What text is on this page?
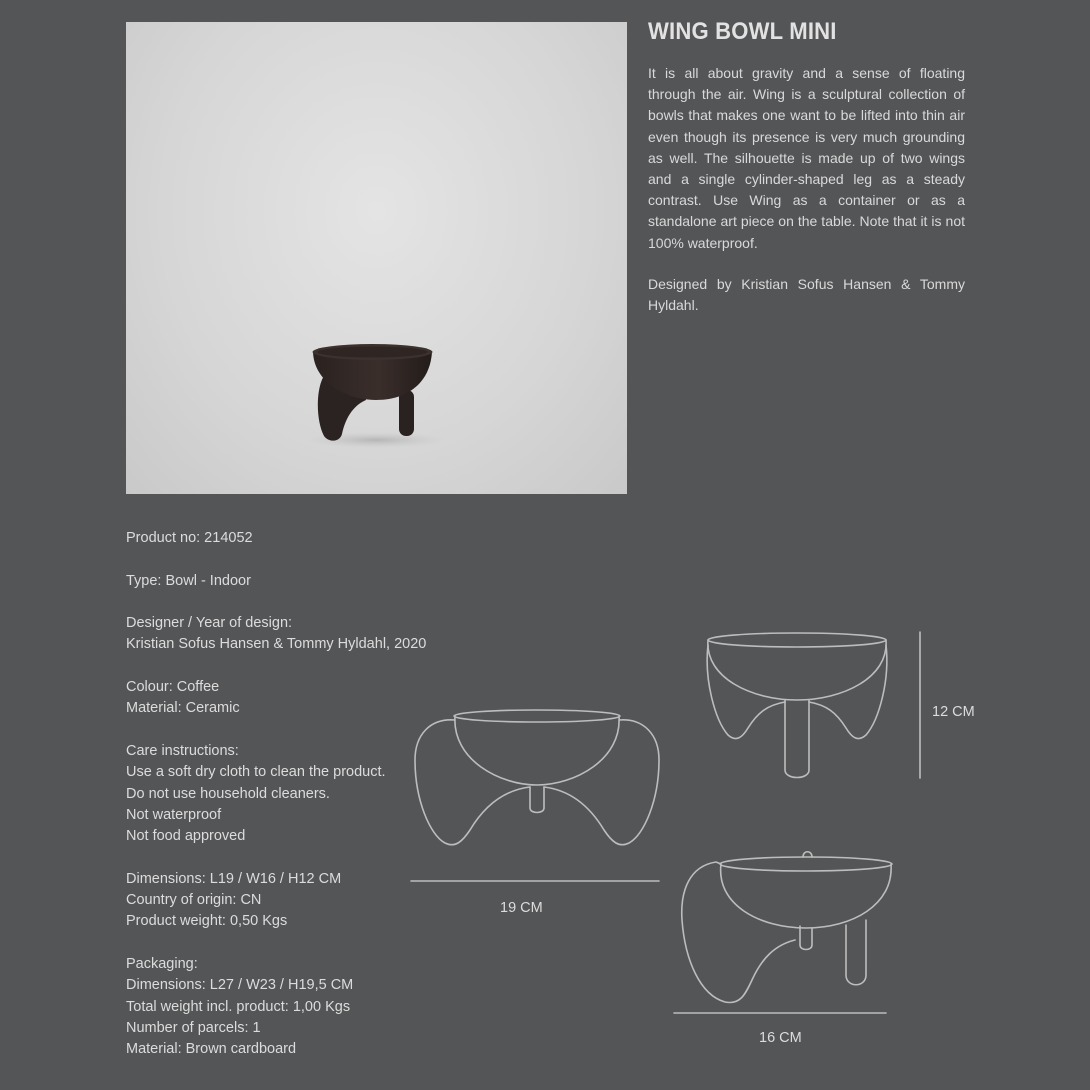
WING BOWL MINI

It is all about gravity and a sense of floating through the air. Wing is a sculptural collection of bowls that makes one want to be lifted into thin air even though its presence is very much grounding as well. The silhouette is made up of two wings and a single cylinder-shaped leg as a steady contrast. Use Wing as a container or as a standalone art piece on the table. Note that it is not 100% waterproof.

Designed by Kristian Sofus Hansen & Tommy Hyldahl.

Product no: 214052
Type: Bowl - Indoor
Designer / Year of design:
Kristian Sofus Hansen & Tommy Hyldahl, 2020
Colour: Coffee
Material: Ceramic
Care instructions:
Use a soft dry cloth to clean the product.
Do not use household cleaners.
Not waterproof
Not food approved
Dimensions: L19 / W16 / H12 CM
Country of origin: CN
Product weight: 0,50 Kgs
Packaging:
Dimensions: L27 / W23 / H19,5 CM
Total weight incl. product: 1,00 Kgs
Number of parcels: 1
Material: Brown cardboard
19 CM
12 CM
16 CM
